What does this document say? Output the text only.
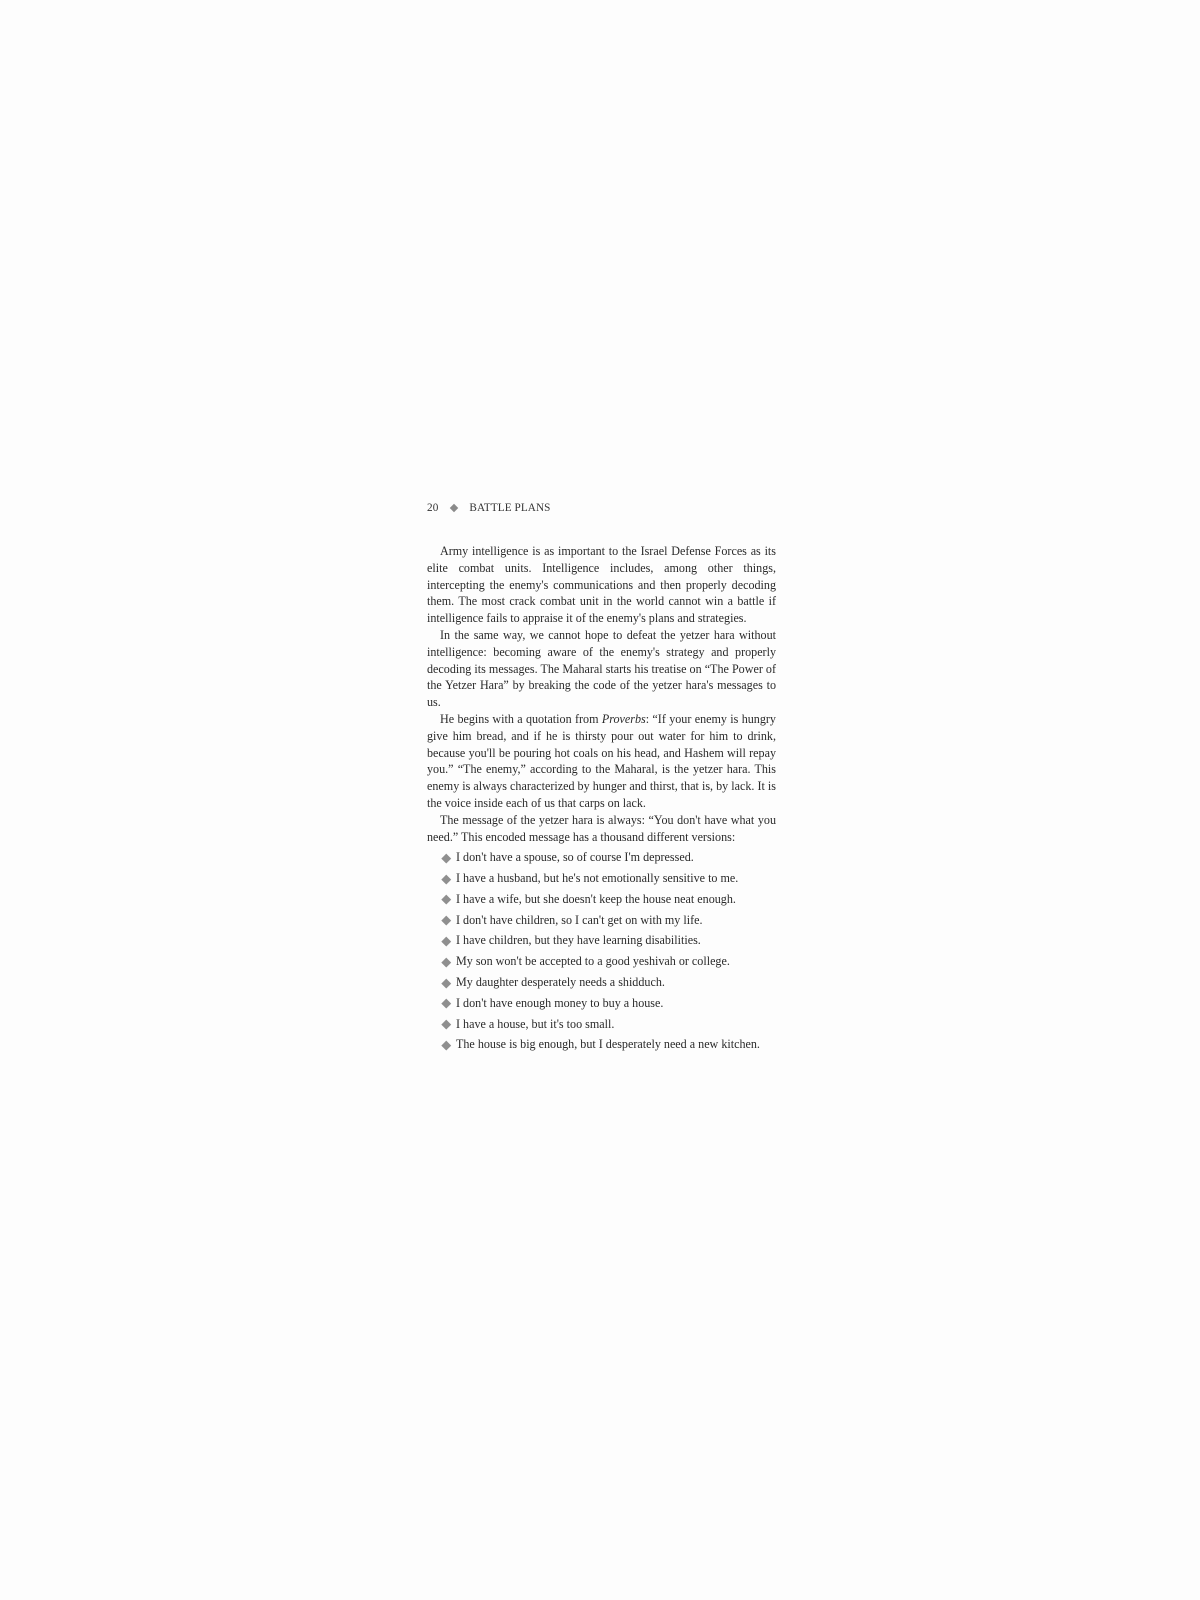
20	BATTLE PLANS

Army intelligence is as important to the Israel Defense Forces as its elite combat units. Intelligence includes, among other things, intercepting the enemy's communications and then properly decoding them. The most crack combat unit in the world cannot win a battle if intelligence fails to appraise it of the enemy's plans and strategies.

In the same way, we cannot hope to defeat the yetzer hara without intelligence: becoming aware of the enemy's strategy and properly decoding its messages. The Maharal starts his treatise on “The Power of the Yetzer Hara” by breaking the code of the yetzer hara's messages to us.

He begins with a quotation from Proverbs: “If your enemy is hungry give him bread, and if he is thirsty pour out water for him to drink, because you'll be pouring hot coals on his head, and Hashem will repay you.” “The enemy,” according to the Maharal, is the yetzer hara. This enemy is always characterized by hunger and thirst, that is, by lack. It is the voice inside each of us that carps on lack.

The message of the yetzer hara is always: “You don't have what you need.” This encoded message has a thousand different versions:

I don't have a spouse, so of course I'm depressed.
I have a husband, but he's not emotionally sensitive to me.
I have a wife, but she doesn't keep the house neat enough.
I don't have children, so I can't get on with my life.
I have children, but they have learning disabilities.
My son won't be accepted to a good yeshivah or college.
My daughter desperately needs a shidduch.
I don't have enough money to buy a house.
I have a house, but it's too small.
The house is big enough, but I desperately need a new kitchen.
